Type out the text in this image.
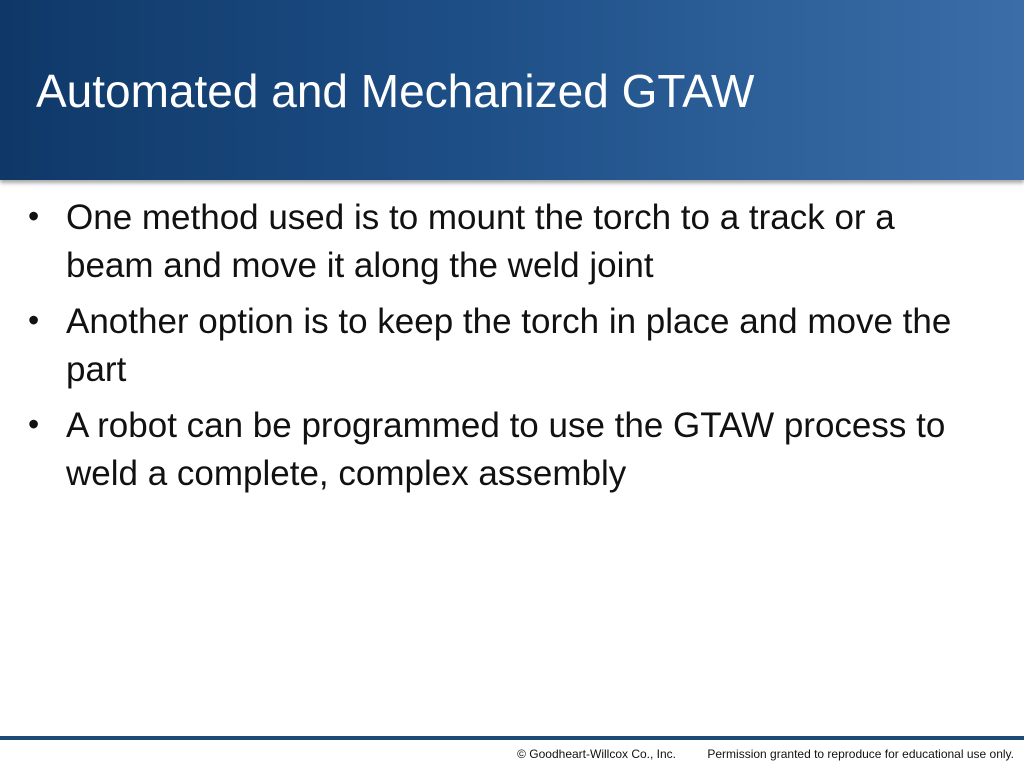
Automated and Mechanized GTAW
• One method used is to mount the torch to a track or a beam and move it along the weld joint
• Another option is to keep the torch in place and move the part
• A robot can be programmed to use the GTAW process to weld a complete, complex assembly
© Goodheart-Willcox Co., Inc.	Permission granted to reproduce for educational use only.
